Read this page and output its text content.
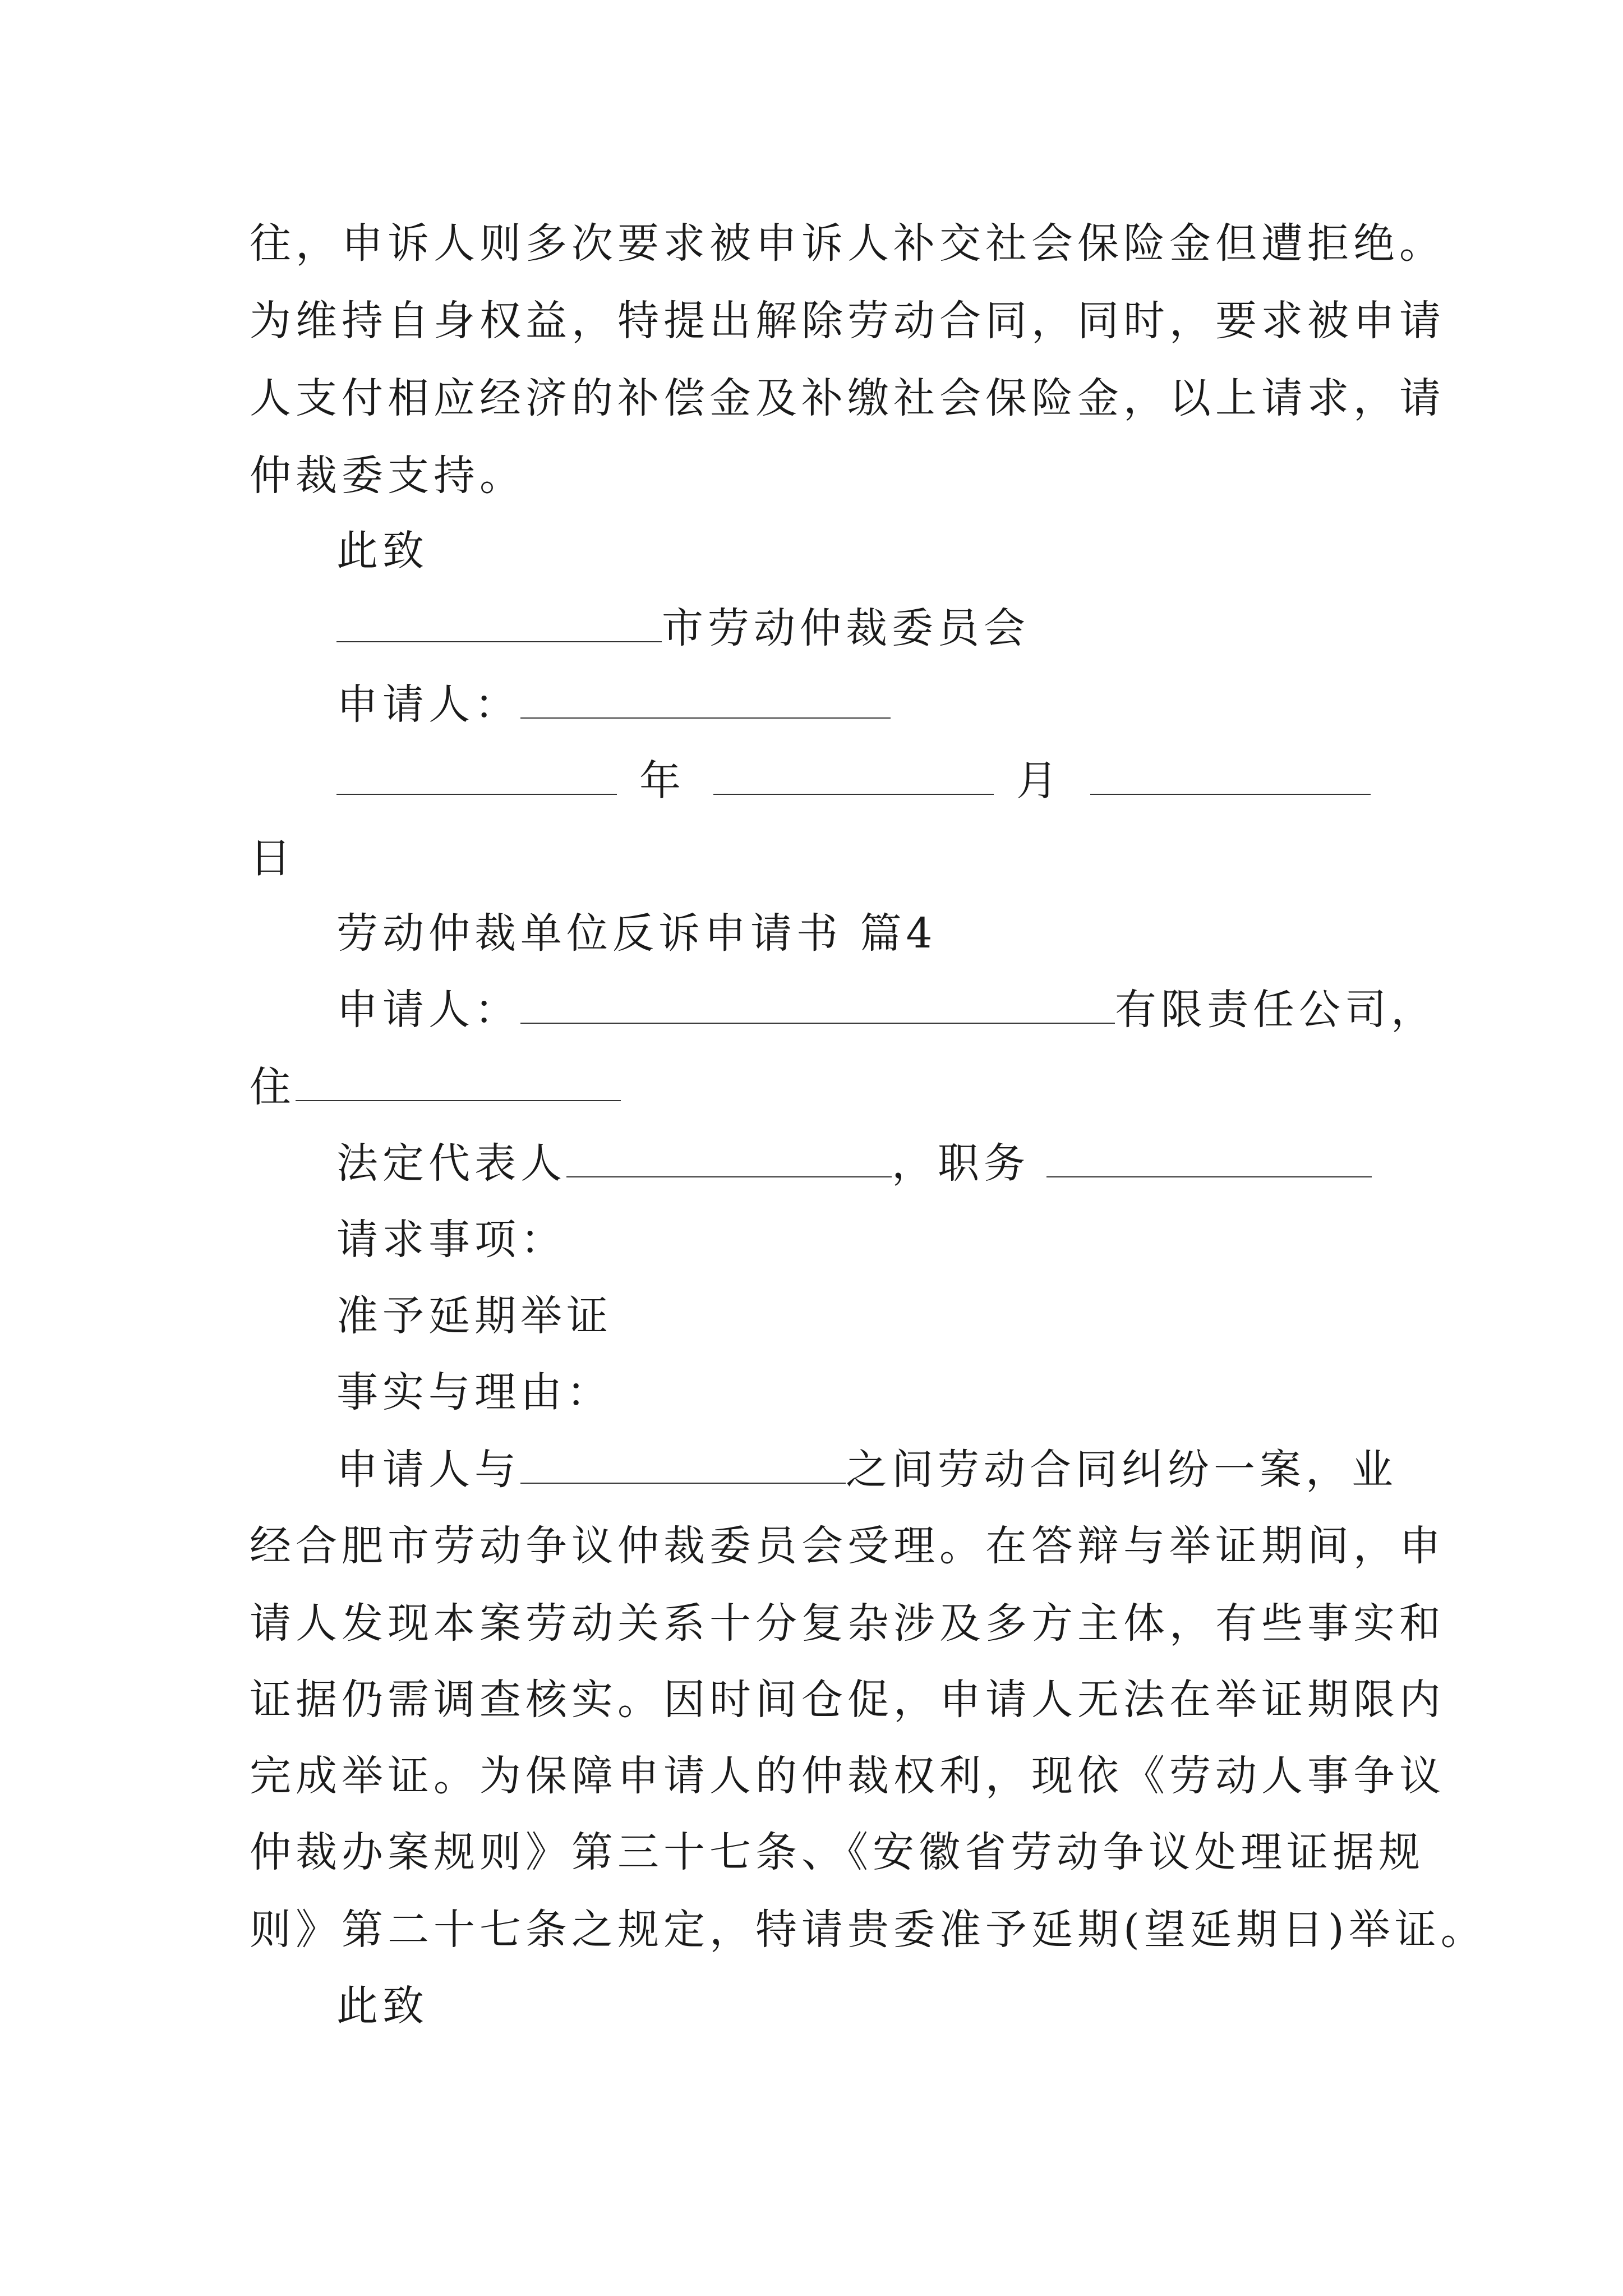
往，申诉人则多次要求被申诉人补交社会保险金但遭拒绝。
为维持自身权益，特提出解除劳动合同，同时，要求被申请
人支付相应经济的补偿金及补缴社会保险金，以上请求，请
仲裁委支持。
此致
市劳动仲裁委员会
申请人：
年	月
日
劳动仲裁单位反诉申请书 篇4
申请人：	有限责任公司，
住
法定代表人	，职务
请求事项：
准予延期举证
事实与理由：
申请人与	之间劳动合同纠纷一案，业
经合肥市劳动争议仲裁委员会受理。在答辩与举证期间，申
请人发现本案劳动关系十分复杂涉及多方主体，有些事实和
证据仍需调查核实。因时间仓促，申请人无法在举证期限内
完成举证。为保障申请人的仲裁权利，现依《劳动人事争议
仲裁办案规则》第三十七条、《安徽省劳动争议处理证据规
则》第二十七条之规定，特请贵委准予延期(望延期日)举证。
此致
